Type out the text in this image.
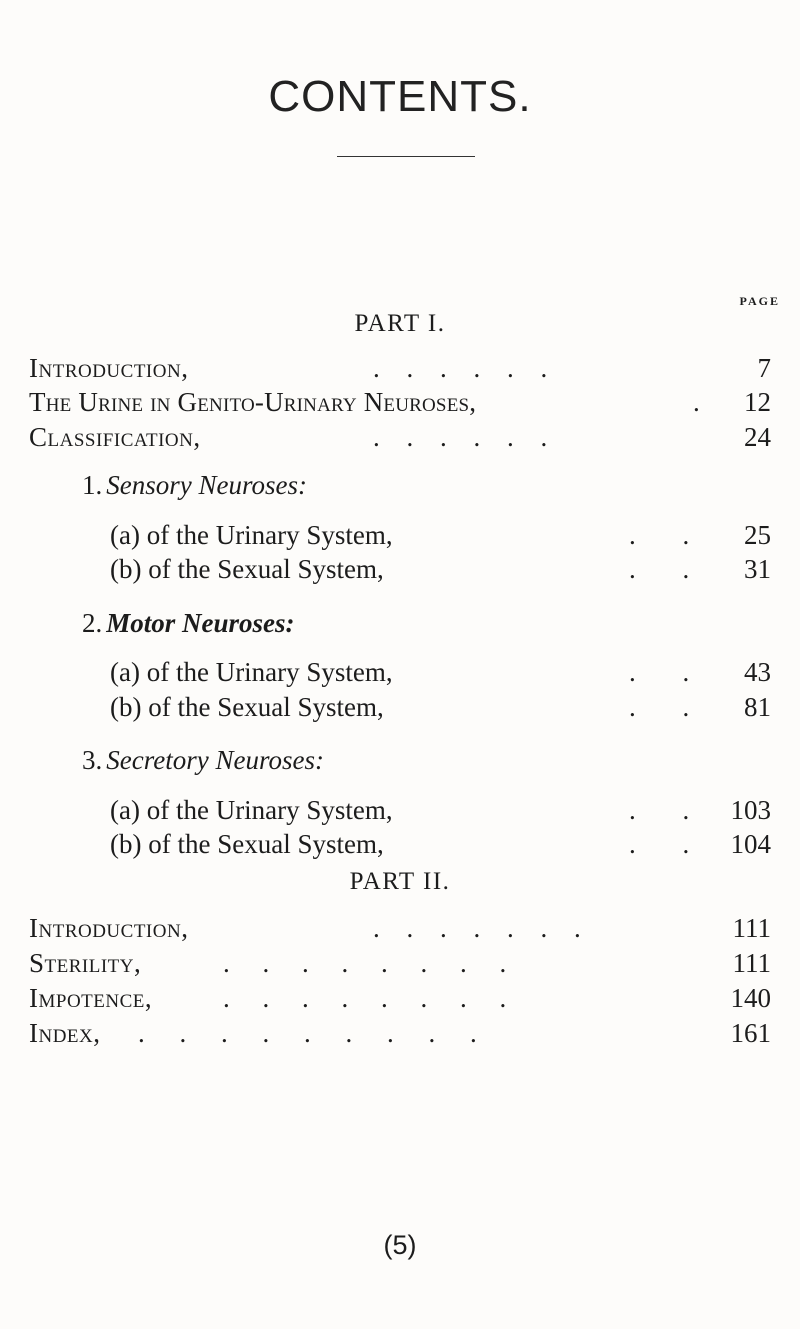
CONTENTS.
PART I.
PAGE
Introduction,	. . . . . .	7
The Urine in Genito-Urinary Neuroses,	. 12
Classification,	. . . . . .	24
1. Sensory Neuroses:
(a) of the Urinary System,	. . 25
(b) of the Sexual System,	. . 31
2. Motor Neuroses:
(a) of the Urinary System,	. . 43
(b) of the Sexual System,	. . 81
3. Secretory Neuroses:
(a) of the Urinary System,	. . 103
(b) of the Sexual System,	. . 104
PART II.
Introduction,	. . . . . . .	111
Sterility,	. . . . . . . .	111
Impotence,	. . . . . . . .	140
Index, . . . . . . . . .	161
(5)
